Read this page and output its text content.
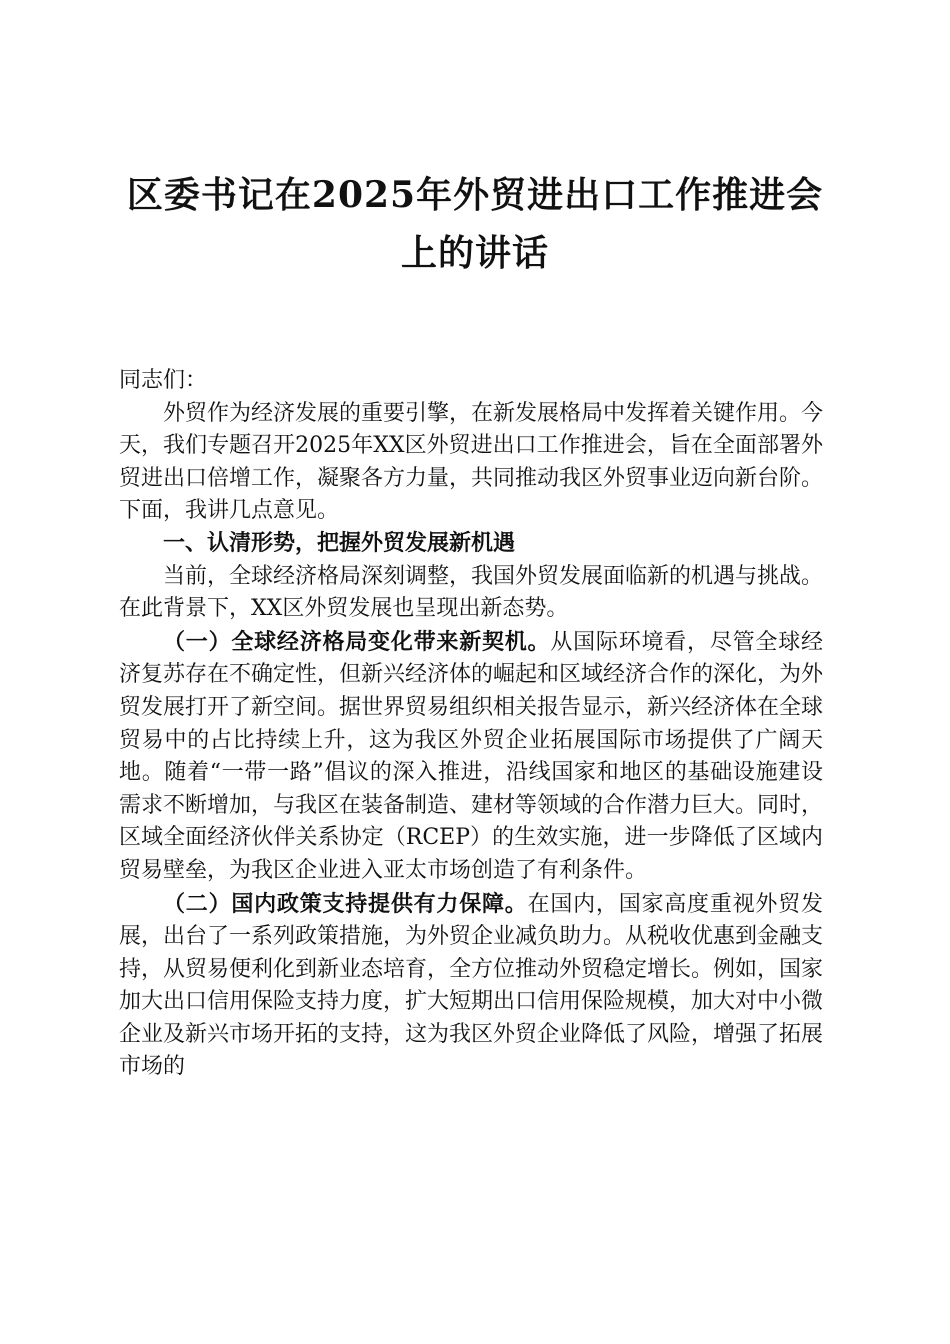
区委书记在2025年外贸进出口工作推进会上的讲话

同志们：

外贸作为经济发展的重要引擎，在新发展格局中发挥着关键作用。今天，我们专题召开2025年XX区外贸进出口工作推进会，旨在全面部署外贸进出口倍增工作，凝聚各方力量，共同推动我区外贸事业迈向新台阶。下面，我讲几点意见。

一、认清形势，把握外贸发展新机遇

当前，全球经济格局深刻调整，我国外贸发展面临新的机遇与挑战。在此背景下，XX区外贸发展也呈现出新态势。

（一）全球经济格局变化带来新契机。从国际环境看，尽管全球经济复苏存在不确定性，但新兴经济体的崛起和区域经济合作的深化，为外贸发展打开了新空间。据世界贸易组织相关报告显示，新兴经济体在全球贸易中的占比持续上升，这为我区外贸企业拓展国际市场提供了广阔天地。随着“一带一路”倡议的深入推进，沿线国家和地区的基础设施建设需求不断增加，与我区在装备制造、建材等领域的合作潜力巨大。同时，区域全面经济伙伴关系协定（RCEP）的生效实施，进一步降低了区域内贸易壁垒，为我区企业进入亚太市场创造了有利条件。

（二）国内政策支持提供有力保障。在国内，国家高度重视外贸发展，出台了一系列政策措施，为外贸企业减负助力。从税收优惠到金融支持，从贸易便利化到新业态培育，全方位推动外贸稳定增长。例如，国家加大出口信用保险支持力度，扩大短期出口信用保险规模，加大对中小微企业及新兴市场开拓的支持，这为我区外贸企业降低了风险，增强了拓展市场的
